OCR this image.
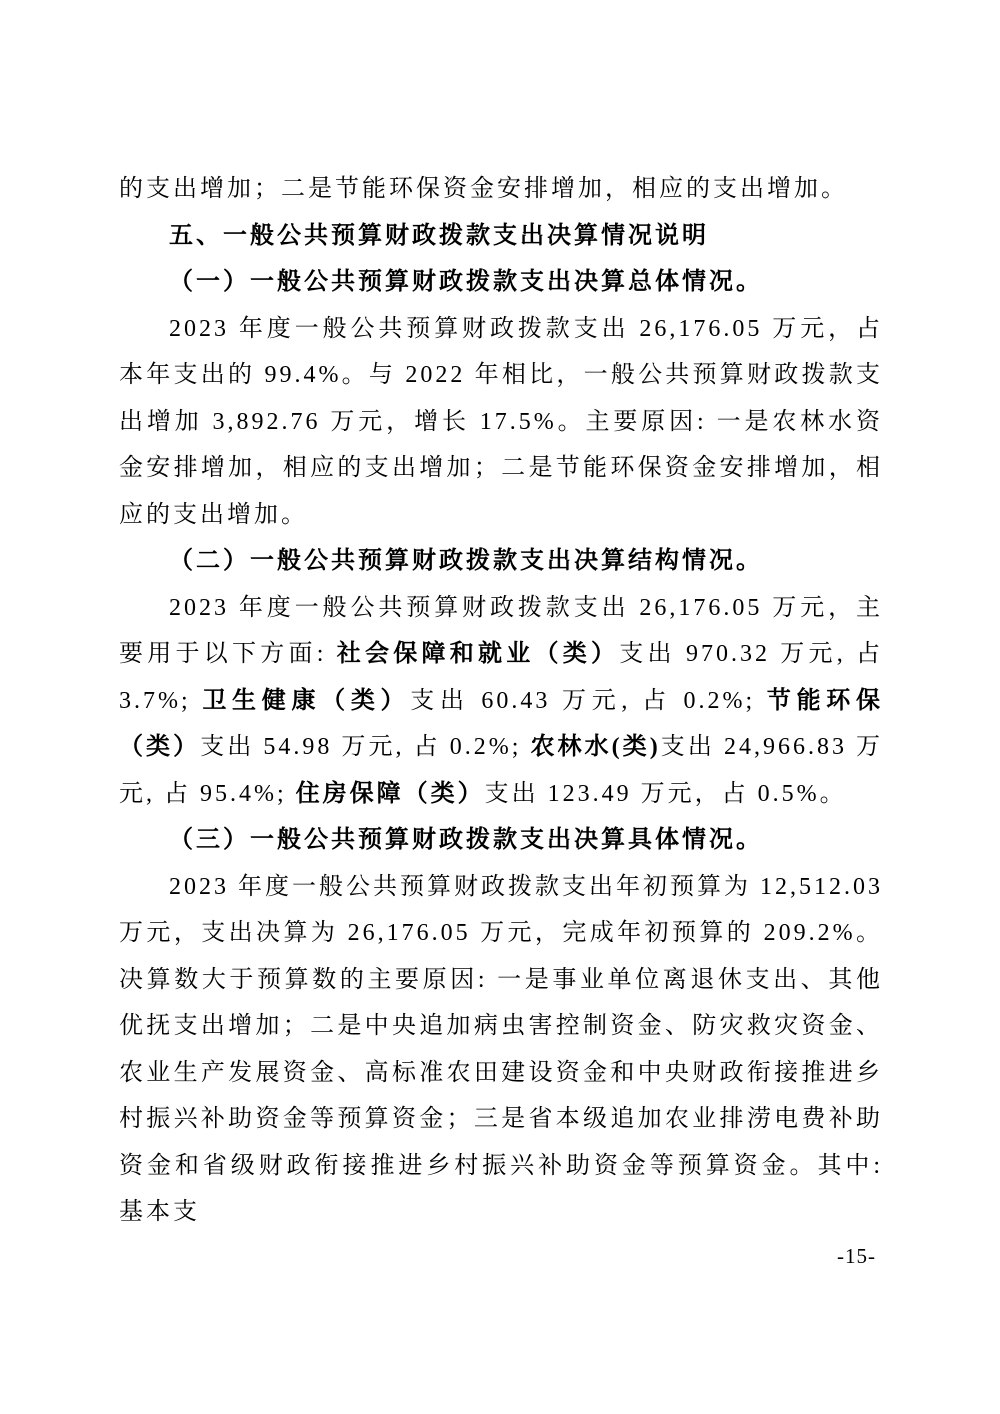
的支出增加；二是节能环保资金安排增加，相应的支出增加。

五、一般公共预算财政拨款支出决算情况说明
（一）一般公共预算财政拨款支出决算总体情况。

2023 年度一般公共预算财政拨款支出 26,176.05 万元，占本年支出的 99.4%。与 2022 年相比，一般公共预算财政拨款支出增加 3,892.76 万元，增长 17.5%。主要原因: 一是农林水资金安排增加，相应的支出增加；二是节能环保资金安排增加，相应的支出增加。

（二）一般公共预算财政拨款支出决算结构情况。

2023 年度一般公共预算财政拨款支出 26,176.05 万元，主要用于以下方面: 社会保障和就业（类）支出 970.32 万元, 占 3.7%; 卫生健康（类）支出 60.43 万元, 占 0.2%; 节能环保（类）支出 54.98 万元, 占 0.2%; 农林水(类)支出 24,966.83 万元, 占 95.4%; 住房保障（类）支出 123.49 万元，占 0.5%。

（三）一般公共预算财政拨款支出决算具体情况。

2023 年度一般公共预算财政拨款支出年初预算为 12,512.03 万元，支出决算为 26,176.05 万元，完成年初预算的 209.2%。决算数大于预算数的主要原因: 一是事业单位离退休支出、其他优抚支出增加；二是中央追加病虫害控制资金、防灾救灾资金、农业生产发展资金、高标准农田建设资金和中央财政衔接推进乡村振兴补助资金等预算资金；三是省本级追加农业排涝电费补助资金和省级财政衔接推进乡村振兴补助资金等预算资金。其中:基本支

-15-
